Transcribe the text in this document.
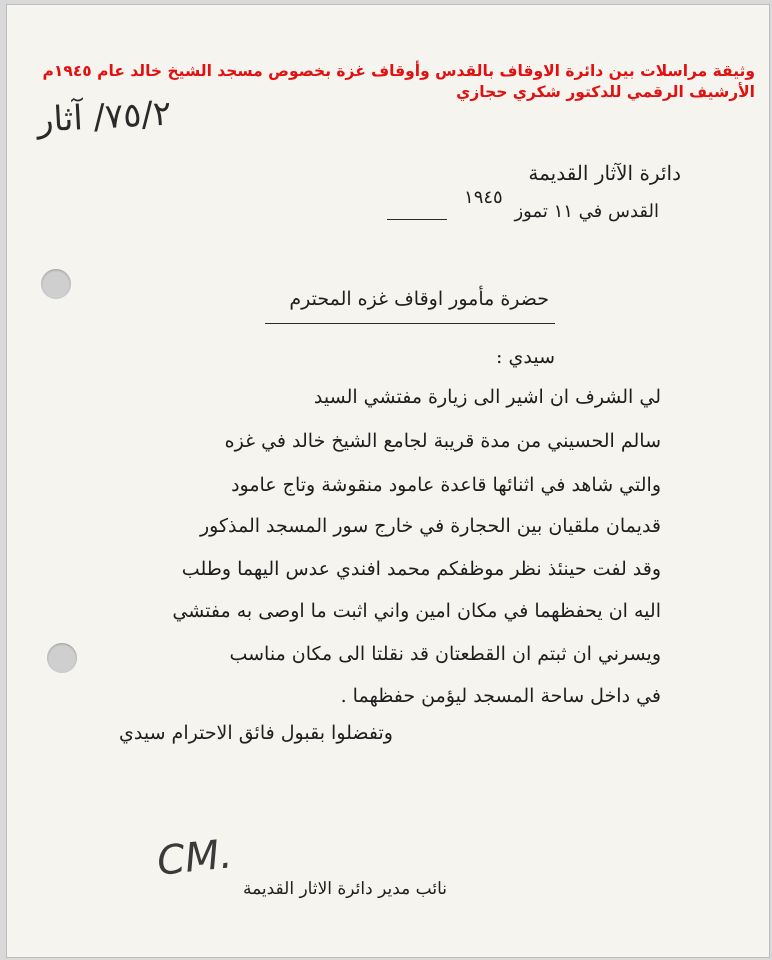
وثيقة مراسلات بين دائرة الاوقاف بالقدس وأوقاف غزة بخصوص مسجد الشيخ خالد عام ١٩٤٥م
الأرشيف الرقمي للدكتور شكري حجازي
٧٥/٢/ آثار
دائرة الآثار القديمة
القدس في ١١ تموز ١٩٤٥
حضرة مأمور اوقاف غزه المحترم
سيدي :
لي الشرف ان اشير الى زيارة مفتشي السيد
سالم الحسيني من مدة قريبة لجامع الشيخ خالد في غزه
والتي شاهد في اثنائها قاعدة عامود منقوشة وتاج عامود
قديمان ملقيان بين الحجارة في خارج سور المسجد المذكور
وقد لفت حينئذ نظر موظفكم محمد افندي عدس اليهما وطلب
اليه ان يحفظهما في مكان امين واني اثبت ما اوصى به مفتشي
ويسرني ان ثبتم ان القطعتان قد نقلتا الى مكان مناسب
في داخل ساحة المسجد ليؤمن حفظهما .
وتفضلوا بقبول فائق الاحترام سيدي
CM.
نائب مدير دائرة الاثار القديمة
